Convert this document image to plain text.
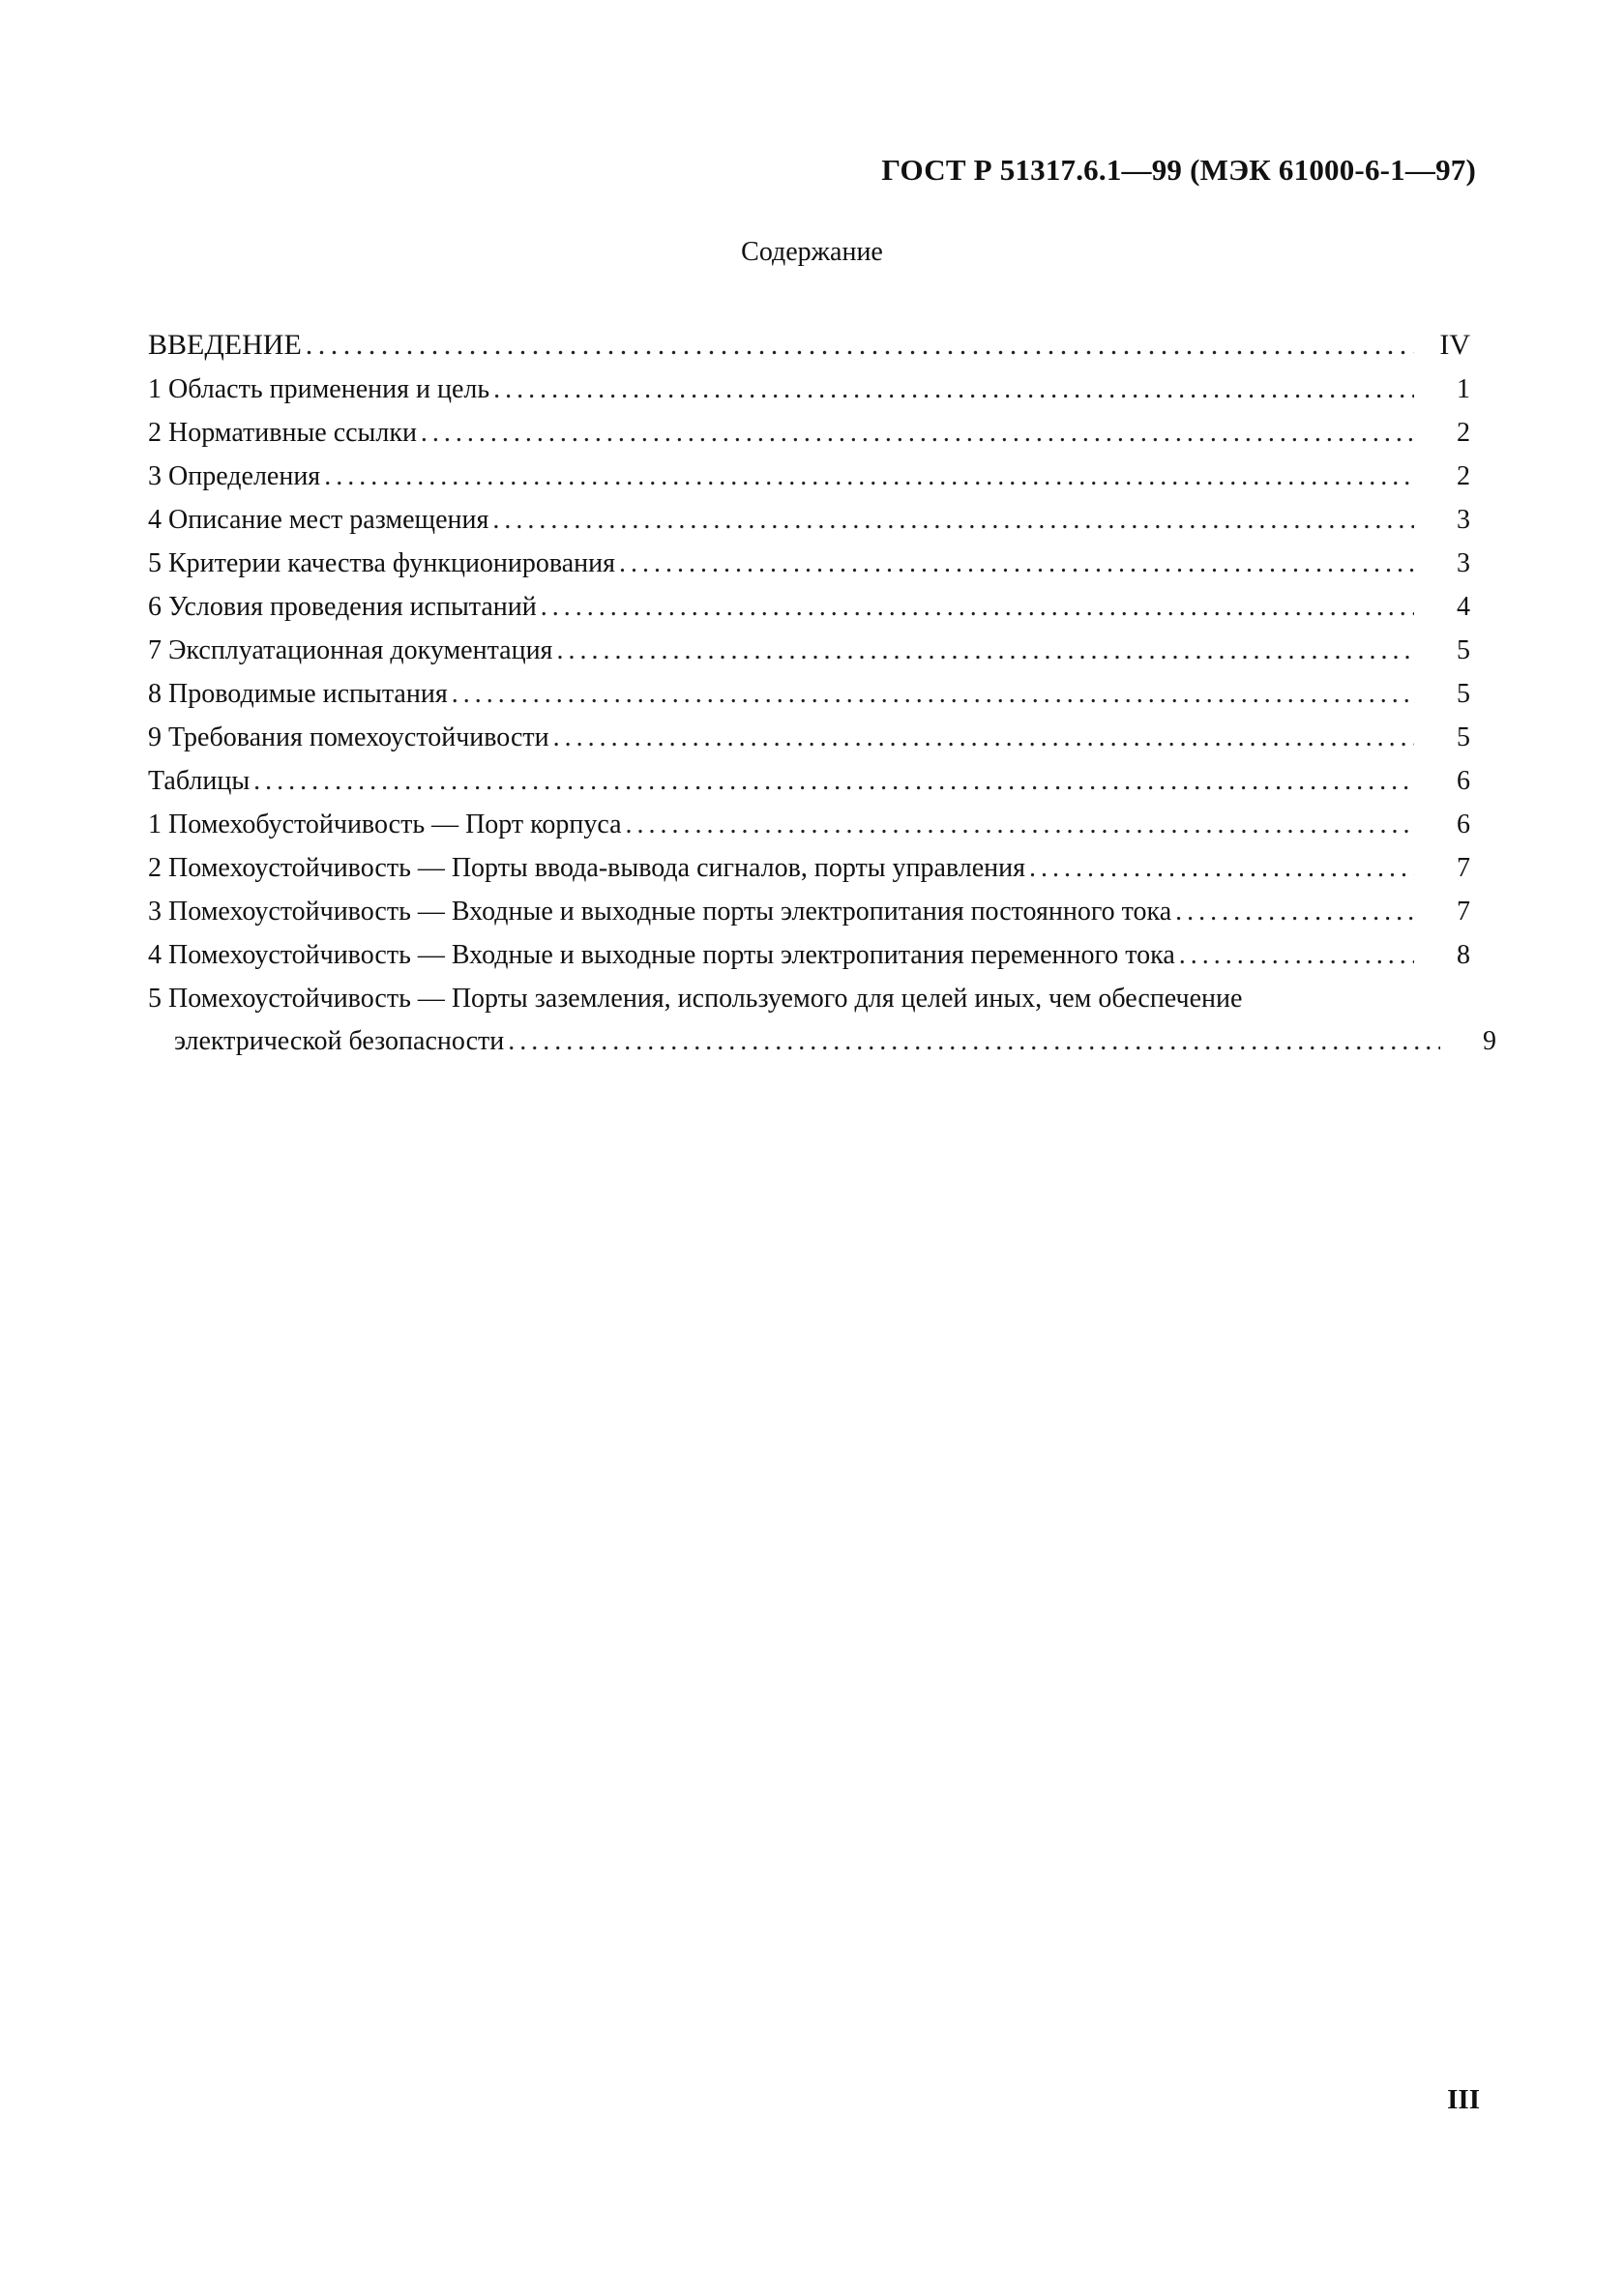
ГОСТ Р 51317.6.1—99 (МЭК 61000-6-1—97)
Содержание
ВВЕДЕНИЕ . . .	IV
1 Область применения и цель . . .	1
2 Нормативные ссылки . . .	2
3 Определения . . .	2
4 Описание мест размещения . . .	3
5 Критерии качества функционирования . . .	3
6 Условия проведения испытаний . . .	4
7 Эксплуатационная документация . . .	5
8 Проводимые испытания . . .	5
9 Требования помехоустойчивости . . .	5
Таблицы . . .	6
1 Помехобустойчивость — Порт корпуса . . .	6
2 Помехоустойчивость — Порты ввода-вывода сигналов, порты управления . . .	7
3 Помехоустойчивость — Входные и выходные порты электропитания постоянного тока . . .	7
4 Помехоустойчивость — Входные и выходные порты электропитания переменного тока . . .	8
5 Помехоустойчивость — Порты заземления, используемого для целей иных, чем обеспечение
электрической безопасности . . .	9
III
